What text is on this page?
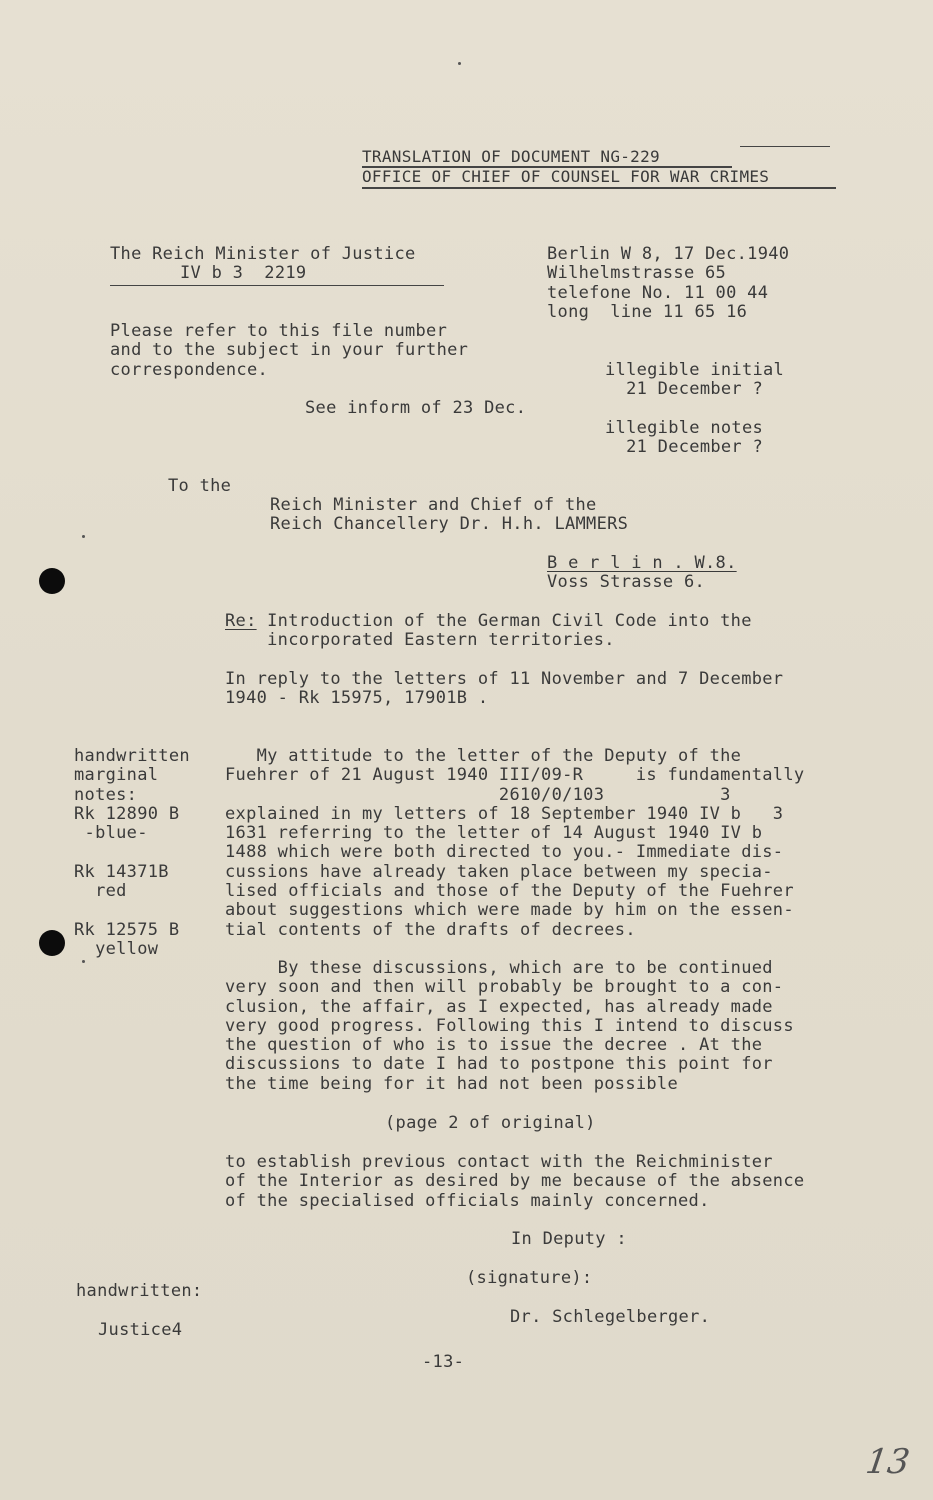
TRANSLATION OF DOCUMENT NG-229
OFFICE OF CHIEF OF COUNSEL FOR WAR CRIMES
The Reich Minister of Justice
IV b 3  2219
Please refer to this file number
and to the subject in your further
correspondence.
Berlin W 8, 17 Dec.1940
Wilhelmstrasse 65
telefone No. 11 00 44
long  line 11 65 16
illegible initial
21 December ?
See inform of 23 Dec.
illegible notes
21 December ?
To the
Reich Minister and Chief of the
Reich Chancellery Dr. H.h. LAMMERS
B e r l i n . W.8.
Voss Strasse 6.
Re: Introduction of the German Civil Code into the
incorporated Eastern territories.
In reply to the letters of 11 November and 7 December
1940 - Rk 15975, 17901B .
handwritten
marginal
notes:
Rk 12890 B
-blue-

Rk 14371B
red

Rk 12575 B
yellow
My attitude to the letter of the Deputy of the
Fuehrer of 21 August 1940 III/09-R     is fundamentally
2610/0/103           3
explained in my letters of 18 September 1940 IV b   3
1631 referring to the letter of 14 August 1940 IV b
1488 which were both directed to you.- Immediate dis-
cussions have already taken place between my specia-
lised officials and those of the Deputy of the Fuehrer
about suggestions which were made by him on the essen-
tial contents of the drafts of decrees.
By these discussions, which are to be continued
very soon and then will probably be brought to a con-
clusion, the affair, as I expected, has already made
very good progress. Following this I intend to discuss
the question of who is to issue the decree . At the
discussions to date I had to postpone this point for
the time being for it had not been possible
(page 2 of original)
to establish previous contact with the Reichminister
of the Interior as desired by me because of the absence
of the specialised officials mainly concerned.
In Deputy :
(signature):
Dr. Schlegelberger.
handwritten:
Justice4
-13-
13
